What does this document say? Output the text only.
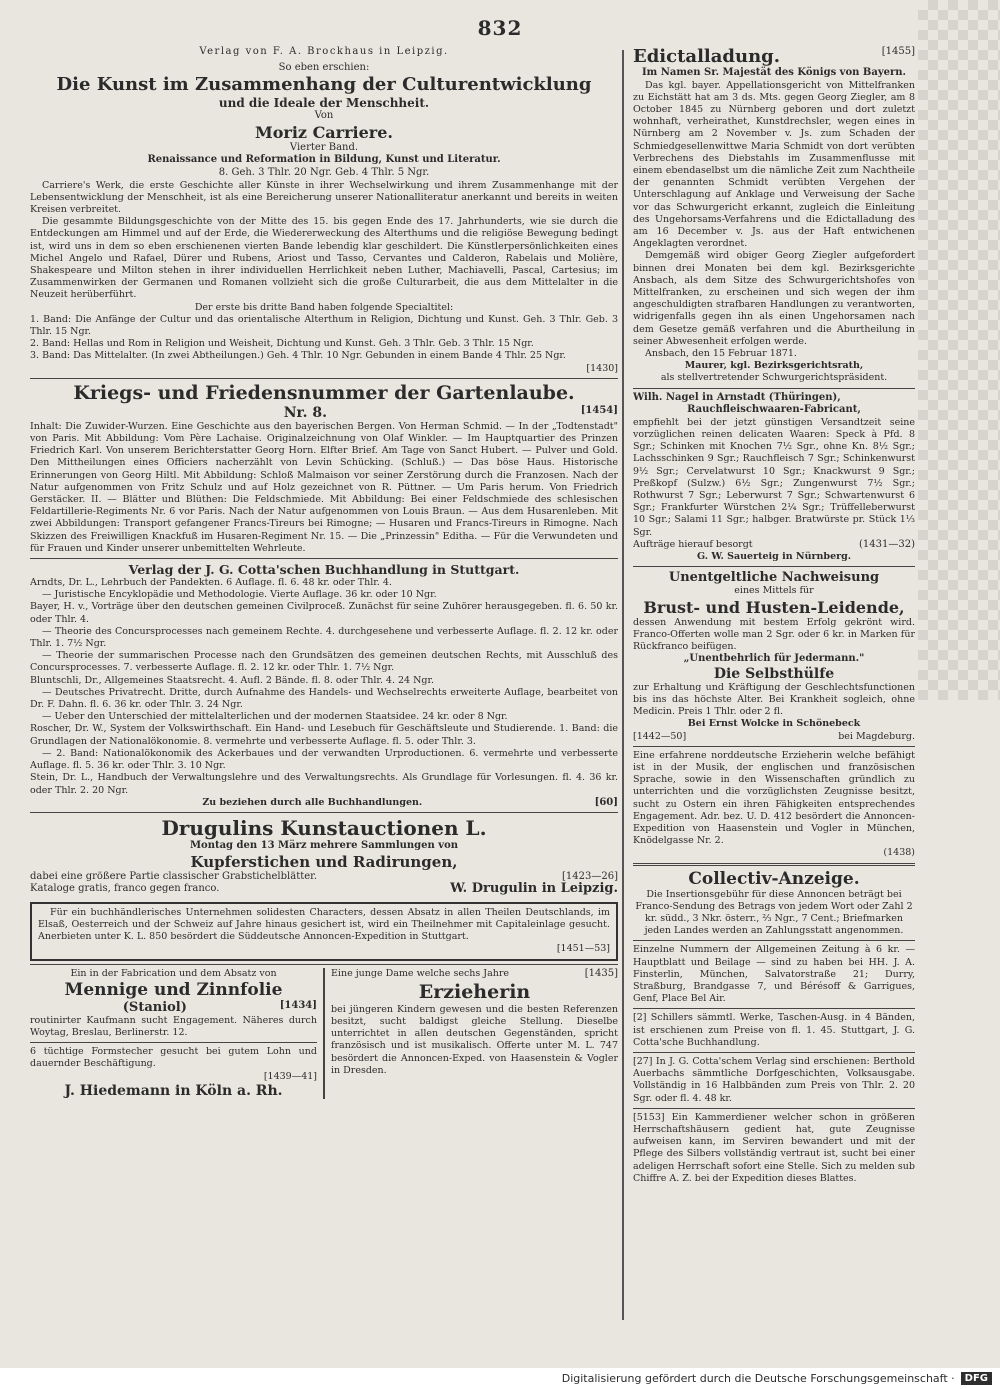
832

Verlag von F. A. Brockhaus in Leipzig.

So eben erschien:

Die Kunst im Zusammenhang der Culturentwicklung

und die Ideale der Menschheit.

Von

Moriz Carriere.

Vierter Band.

Renaissance und Reformation in Bildung, Kunst und Literatur.

8. Geh. 3 Thlr. 20 Ngr. Geb. 4 Thlr. 5 Ngr.

Carriere's Werk, die erste Geschichte aller Künste in ihrer Wechselwirkung und ihrem Zusammenhange mit der Lebensentwicklung der Menschheit, ist als eine Bereicherung unserer Nationalliteratur anerkannt und bereits in weiten Kreisen verbreitet.

Die gesammte Bildungsgeschichte von der Mitte des 15. bis gegen Ende des 17. Jahrhunderts, wie sie durch die Entdeckungen am Himmel und auf der Erde, die Wiedererweckung des Alterthums und die religiöse Bewegung bedingt ist, wird uns in dem so eben erschienenen vierten Bande lebendig klar geschildert. Die Künstlerpersönlichkeiten eines Michel Angelo und Rafael, Dürer und Rubens, Ariost und Tasso, Cervantes und Calderon, Rabelais und Molière, Shakespeare und Milton stehen in ihrer individuellen Herrlichkeit neben Luther, Machiavelli, Pascal, Cartesius; im Zusammenwirken der Germanen und Romanen vollzieht sich die große Culturarbeit, die aus dem Mittelalter in die Neuzeit herüberführt.

Der erste bis dritte Band haben folgende Specialtitel:

1. Band: Die Anfänge der Cultur und das orientalische Alterthum in Religion, Dichtung und Kunst. Geh. 3 Thlr. Geb. 3 Thlr. 15 Ngr.

2. Band: Hellas und Rom in Religion und Weisheit, Dichtung und Kunst. Geh. 3 Thlr. Geb. 3 Thlr. 15 Ngr.

3. Band: Das Mittelalter. (In zwei Abtheilungen.) Geh. 4 Thlr. 10 Ngr. Gebunden in einem Bande 4 Thlr. 25 Ngr.

[1430]

Kriegs- und Friedensnummer der Gartenlaube.

Nr. 8.	[1454]

Inhalt: Die Zuwider-Wurzen. Eine Geschichte aus den bayerischen Bergen. Von Herman Schmid. — In der „Todtenstadt" von Paris. Mit Abbildung: Vom Père Lachaise. Originalzeichnung von Olaf Winkler. — Im Hauptquartier des Prinzen Friedrich Karl. Von unserem Berichterstatter Georg Horn. Elfter Brief. Am Tage von Sanct Hubert. — Pulver und Gold. Den Mittheilungen eines Officiers nacherzählt von Levin Schücking. (Schluß.) — Das böse Haus. Historische Erinnerungen von Georg Hiltl. Mit Abbildung: Schloß Malmaison vor seiner Zerstörung durch die Franzosen. Nach der Natur aufgenommen von Fritz Schulz und auf Holz gezeichnet von R. Püttner. — Um Paris herum. Von Friedrich Gerstäcker. II. — Blätter und Blüthen: Die Feldschmiede. Mit Abbildung: Bei einer Feldschmiede des schlesischen Feldartillerie-Regiments Nr. 6 vor Paris. Nach der Natur aufgenommen von Louis Braun. — Aus dem Husarenleben. Mit zwei Abbildungen: Transport gefangener Francs-Tireurs bei Rimogne; — Husaren und Francs-Tireurs in Rimogne. Nach Skizzen des Freiwilligen Knackfuß im Husaren-Regiment Nr. 15. — Die „Prinzessin" Editha. — Für die Verwundeten und für Frauen und Kinder unserer unbemittelten Wehrleute.

Verlag der J. G. Cotta'schen Buchhandlung in Stuttgart.

Arndts, Dr. L., Lehrbuch der Pandekten. 6 Auflage. fl. 6. 48 kr. oder Thlr. 4.

— Juristische Encyklopädie und Methodologie. Vierte Auflage. 36 kr. oder 10 Ngr.

Bayer, H. v., Vorträge über den deutschen gemeinen Civilproceß. Zunächst für seine Zuhörer herausgegeben. fl. 6. 50 kr. oder Thlr. 4.

— Theorie des Concursprocesses nach gemeinem Rechte. 4. durchgesehene und verbesserte Auflage. fl. 2. 12 kr. oder Thlr. 1. 7½ Ngr.

— Theorie der summarischen Processe nach den Grundsätzen des gemeinen deutschen Rechts, mit Ausschluß des Concursprocesses. 7. verbesserte Auflage. fl. 2. 12 kr. oder Thlr. 1. 7½ Ngr.

Bluntschli, Dr., Allgemeines Staatsrecht. 4. Aufl. 2 Bände. fl. 8. oder Thlr. 4. 24 Ngr.

— Deutsches Privatrecht. Dritte, durch Aufnahme des Handels- und Wechselrechts erweiterte Auflage, bearbeitet von Dr. F. Dahn. fl. 6. 36 kr. oder Thlr. 3. 24 Ngr.

— Ueber den Unterschied der mittelalterlichen und der modernen Staatsidee. 24 kr. oder 8 Ngr.

Roscher, Dr. W., System der Volkswirthschaft. Ein Hand- und Lesebuch für Geschäftsleute und Studierende. 1. Band: die Grundlagen der Nationalökonomie. 8. vermehrte und verbesserte Auflage. fl. 5. oder Thlr. 3.

— 2. Band: Nationalökonomik des Ackerbaues und der verwandten Urproductionen. 6. vermehrte und verbesserte Auflage. fl. 5. 36 kr. oder Thlr. 3. 10 Ngr.

Stein, Dr. L., Handbuch der Verwaltungslehre und des Verwaltungsrechts. Als Grundlage für Vorlesungen. fl. 4. 36 kr. oder Thlr. 2. 20 Ngr.

Zu beziehen durch alle Buchhandlungen.	[60]

Drugulins Kunstauctionen L.

Montag den 13 März mehrere Sammlungen von

Kupferstichen und Radirungen,

dabei eine größere Partie classischer Grabstichelblätter.	[1423—26]

Kataloge gratis, franco gegen franco.	W. Drugulin in Leipzig.

Für ein buchhändlerisches Unternehmen solidesten Characters, dessen Absatz in allen Theilen Deutschlands, im Elsaß, Oesterreich und der Schweiz auf Jahre hinaus gesichert ist, wird ein Theilnehmer mit Capitaleinlage gesucht. Anerbieten unter K. L. 850 besördert die Süddeutsche Annoncen-Expedition in Stuttgart.

[1451—53]

Ein in der Fabrication und dem Absatz von

Mennige und Zinnfolie

(Staniol)	[1434]

routinirter Kaufmann sucht Engagement. Näheres durch Woytag, Breslau, Berlinerstr. 12.

6 tüchtige Formstecher gesucht bei gutem Lohn und dauernder Beschäftigung.

[1439—41]

J. Hiedemann in Köln a. Rh.

Eine junge Dame welche sechs Jahre	[1435]

Erzieherin

bei jüngeren Kindern gewesen und die besten Referenzen besitzt, sucht baldigst gleiche Stellung. Dieselbe unterrichtet in allen deutschen Gegenständen, spricht französisch und ist musikalisch. Offerte unter M. L. 747 besördert die Annoncen-Exped. von Haasenstein & Vogler in Dresden.

Edictalladung.	[1455]

Im Namen Sr. Majestät des Königs von Bayern.

Das kgl. bayer. Appellationsgericht von Mittelfranken zu Eichstätt hat am 3 ds. Mts. gegen Georg Ziegler, am 8 October 1845 zu Nürnberg geboren und dort zuletzt wohnhaft, verheirathet, Kunstdrechsler, wegen eines in Nürnberg am 2 November v. Js. zum Schaden der Schmiedgesellenwittwe Maria Schmidt von dort verübten Verbrechens des Diebstahls im Zusammenflusse mit einem ebendaselbst um die nämliche Zeit zum Nachtheile der genannten Schmidt verübten Vergehen der Unterschlagung auf Anklage und Verweisung der Sache vor das Schwurgericht erkannt, zugleich die Einleitung des Ungehorsams-Verfahrens und die Edictalladung des am 16 December v. Js. aus der Haft entwichenen Angeklagten verordnet.

Demgemäß wird obiger Georg Ziegler aufgefordert binnen drei Monaten bei dem kgl. Bezirksgerichte Ansbach, als dem Sitze des Schwurgerichtshofes von Mittelfranken, zu erscheinen und sich wegen der ihm angeschuldigten strafbaren Handlungen zu verantworten, widrigenfalls gegen ihn als einen Ungehorsamen nach dem Gesetze gemäß verfahren und die Aburtheilung in seiner Abwesenheit erfolgen werde.

Ansbach, den 15 Februar 1871.

Maurer, kgl. Bezirksgerichtsrath,

als stellvertretender Schwurgerichtspräsident.

Wilh. Nagel in Arnstadt (Thüringen),

Rauchfleischwaaren-Fabricant,

empfiehlt bei der jetzt günstigen Versandtzeit seine vorzüglichen reinen delicaten Waaren: Speck à Pfd. 8 Sgr.; Schinken mit Knochen 7½ Sgr., ohne Kn. 8½ Sgr.; Lachsschinken 9 Sgr.; Rauchfleisch 7 Sgr.; Schinkenwurst 9½ Sgr.; Cervelatwurst 10 Sgr.; Knackwurst 9 Sgr.; Preßkopf (Sulzw.) 6½ Sgr.; Zungenwurst 7½ Sgr.; Rothwurst 7 Sgr.; Leberwurst 7 Sgr.; Schwartenwurst 6 Sgr.; Frankfurter Würstchen 2¼ Sgr.; Trüffelleberwurst 10 Sgr.; Salami 11 Sgr.; halbger. Bratwürste pr. Stück 1⅓ Sgr.

Aufträge hierauf besorgt	(1431—32)

G. W. Sauerteig in Nürnberg.

Unentgeltliche Nachweisung

eines Mittels für

Brust- und Husten-Leidende,

dessen Anwendung mit bestem Erfolg gekrönt wird. Franco-Offerten wolle man 2 Sgr. oder 6 kr. in Marken für Rückfranco beifügen.

„Unentbehrlich für Jedermann."

Die Selbsthülfe

zur Erhaltung und Kräftigung der Geschlechtsfunctionen bis ins das höchste Alter. Bei Krankheit sogleich, ohne Medicin. Preis 1 Thlr. oder 2 fl.

Bei Ernst Wolcke in Schönebeck

[1442—50]	bei Magdeburg.

Eine erfahrene norddeutsche Erzieherin welche befähigt ist in der Musik, der englischen und französischen Sprache, sowie in den Wissenschaften gründlich zu unterrichten und die vorzüglichsten Zeugnisse besitzt, sucht zu Ostern ein ihren Fähigkeiten entsprechendes Engagement. Adr. bez. U. D. 412 besördert die Annoncen-Expedition von Haasenstein und Vogler in München, Knödelgasse Nr. 2.

(1438)

Collectiv-Anzeige.

Die Insertionsgebühr für diese Annoncen beträgt bei Franco-Sendung des Betrags von jedem Wort oder Zahl 2 kr. südd., 3 Nkr. österr., ⅔ Ngr., 7 Cent.; Briefmarken jeden Landes werden an Zahlungsstatt angenommen.

Einzelne Nummern der Allgemeinen Zeitung à 6 kr. — Hauptblatt und Beilage — sind zu haben bei HH. J. A. Finsterlin, München, Salvatorstraße 21; Durry, Straßburg, Brandgasse 7, und Bérésoff & Garrigues, Genf, Place Bel Air.

[2] Schillers sämmtl. Werke, Taschen-Ausg. in 4 Bänden, ist erschienen zum Preise von fl. 1. 45. Stuttgart, J. G. Cotta'sche Buchhandlung.

[27] In J. G. Cotta'schem Verlag sind erschienen: Berthold Auerbachs sämmtliche Dorfgeschichten, Volksausgabe. Vollständig in 16 Halbbänden zum Preis von Thlr. 2. 20 Sgr. oder fl. 4. 48 kr.

[5153] Ein Kammerdiener welcher schon in größeren Herrschaftshäusern gedient hat, gute Zeugnisse aufweisen kann, im Serviren bewandert und mit der Pflege des Silbers vollständig vertraut ist, sucht bei einer adeligen Herrschaft sofort eine Stelle. Sich zu melden sub Chiffre A. Z. bei der Expedition dieses Blattes.

Digitalisierung gefördert durch die Deutsche Forschungsgemeinschaft ·	DFG
